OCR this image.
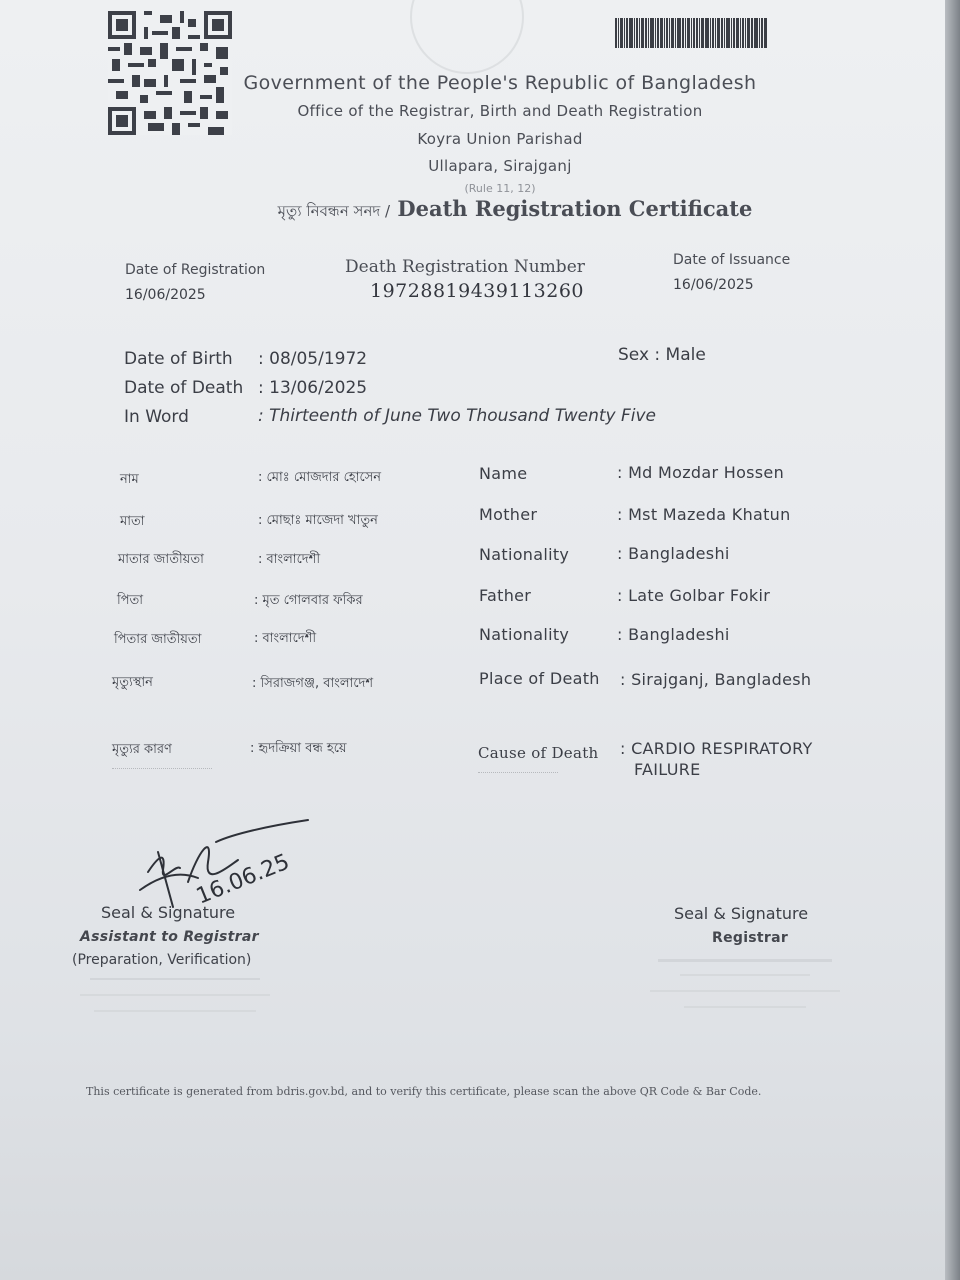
Government of the People's Republic of Bangladesh
Office of the Registrar, Birth and Death Registration
Koyra Union Parishad
Ullapara, Sirajganj
(Rule 11, 12)
মৃত্যু নিবন্ধন সনদ / Death Registration Certificate
Date of Registration
16/06/2025
Death Registration Number
19728819439113260
Date of Issuance
16/06/2025
Date of Birth : 08/05/1972	Sex : Male
Date of Death : 13/06/2025
In Word	: Thirteenth of June Two Thousand Twenty Five
নাম	: মোঃ মোজদার হোসেন	Name	: Md Mozdar Hossen
মাতা	: মোছাঃ মাজেদা খাতুন	Mother	: Mst Mazeda Khatun
মাতার জাতীয়তা	: বাংলাদেশী	Nationality	: Bangladeshi
পিতা	: মৃত গোলবার ফকির	Father	: Late Golbar Fokir
পিতার জাতীয়তা	: বাংলাদেশী	Nationality	: Bangladeshi
মৃত্যুস্থান	: সিরাজগঞ্জ, বাংলাদেশ	Place of Death : Sirajganj, Bangladesh
মৃত্যুর কারণ	: হৃদক্রিয়া বন্ধ হয়ে	Cause of Death : CARDIO RESPIRATORY
FAILURE
16.06.25
Seal & Signature
Assistant to Registrar
(Preparation, Verification)
Seal & Signature
Registrar
This certificate is generated from bdris.gov.bd, and to verify this certificate, please scan the above QR Code & Bar Code.
